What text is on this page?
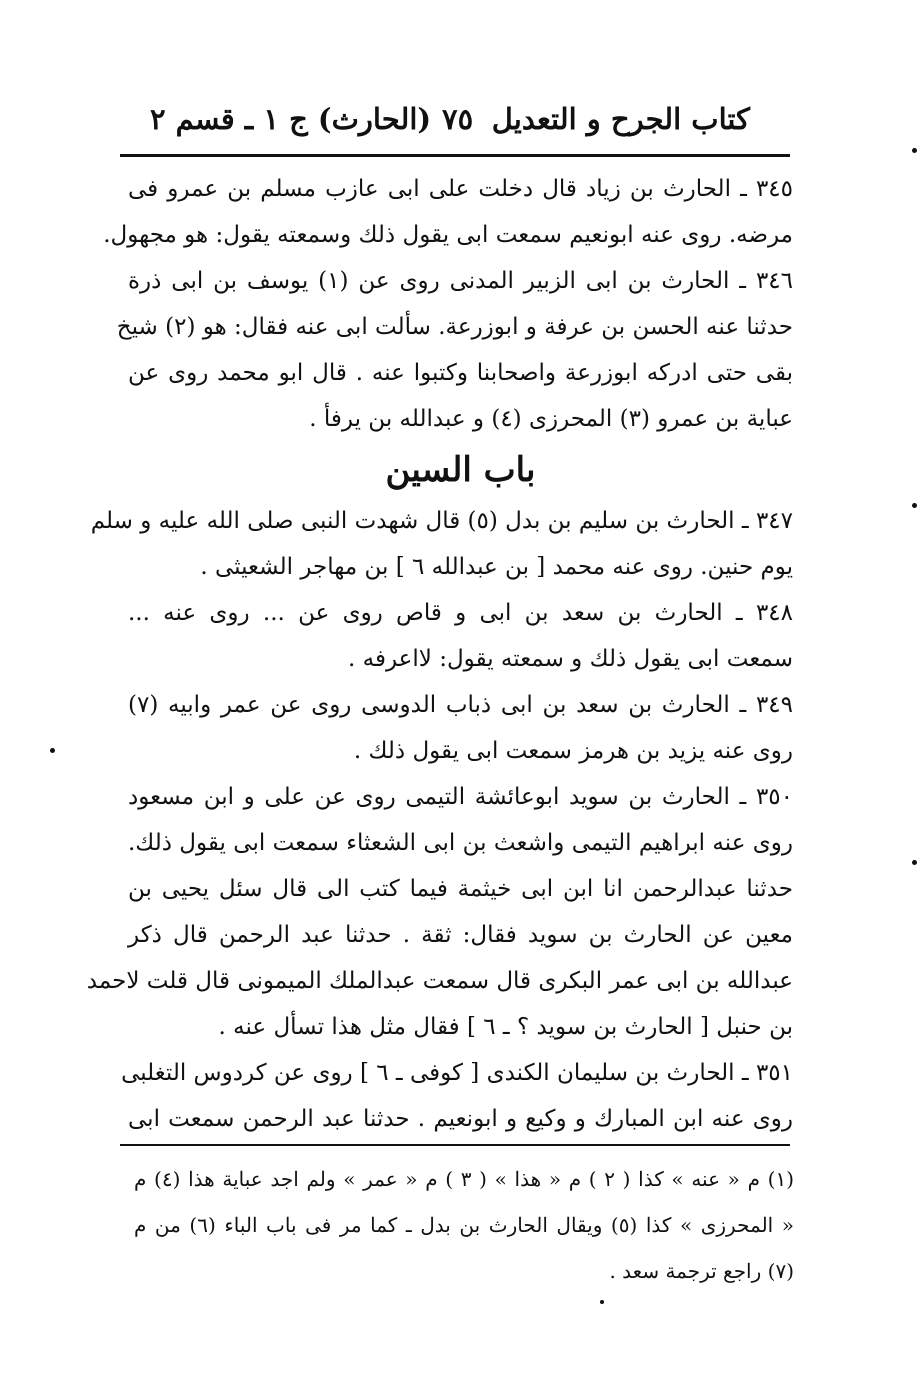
كتاب الجرح و التعديل
٧٥
(الحارث) ج ١ ـ قسم ٢
٣٤٥ ـ الحارث بن زياد قال دخلت على ابى عازب مسلم بن عمرو فى
مرضه. روى عنه ابونعيم سمعت ابى يقول ذلك وسمعته يقول: هو مجهول.
٣٤٦ ـ الحارث بن ابى الزبير المدنى روى عن (١) يوسف بن ابى ذرة
حدثنا عنه الحسن بن عرفة و ابوزرعة. سألت ابى عنه فقال: هو (٢) شيخ
بقى حتى ادركه ابوزرعة واصحابنا وكتبوا عنه . قال ابو محمد روى عن
عباية بن عمرو (٣) المحرزى (٤) و عبدالله بن يرفأ .
باب السين
٣٤٧ ـ الحارث بن سليم بن بدل (٥) قال شهدت النبى صلى الله عليه و سلم
يوم حنين. روى عنه محمد [ بن عبدالله ٦ ] بن مهاجر الشعيثى .
٣٤٨ ـ الحارث بن سعد بن ابى و قاص روى عن ... روى عنه ...
سمعت ابى يقول ذلك و سمعته يقول: لااعرفه .
٣٤٩ ـ الحارث بن سعد بن ابى ذباب الدوسى روى عن عمر وابيه (٧)
روى عنه يزيد بن هرمز سمعت ابى يقول ذلك .
٣٥٠ ـ الحارث بن سويد ابوعائشة التيمى روى عن على و ابن مسعود
روى عنه ابراهيم التيمى واشعث بن ابى الشعثاء سمعت ابى يقول ذلك.
حدثنا عبدالرحمن انا ابن ابى خيثمة فيما كتب الى قال سئل يحيى بن
معين عن الحارث بن سويد فقال: ثقة . حدثنا عبد الرحمن قال ذكر
عبدالله بن ابى عمر البكرى قال سمعت عبدالملك الميمونى قال قلت لاحمد
بن حنبل [ الحارث بن سويد ؟ ـ ٦ ] فقال مثل هذا تسأل عنه .
٣٥١ ـ الحارث بن سليمان الكندى [ كوفى ـ ٦ ] روى عن كردوس التغلبى
روى عنه ابن المبارك و وكيع و ابونعيم . حدثنا عبد الرحمن سمعت ابى
(١) م « عنه » كذا ( ٢ ) م « هذا » ( ٣ ) م « عمر » ولم اجد عباية هذا (٤) م
« المحرزى » كذا (٥) ويقال الحارث بن بدل ـ كما مر فى باب الباء (٦) من م
(٧) راجع ترجمة سعد .
